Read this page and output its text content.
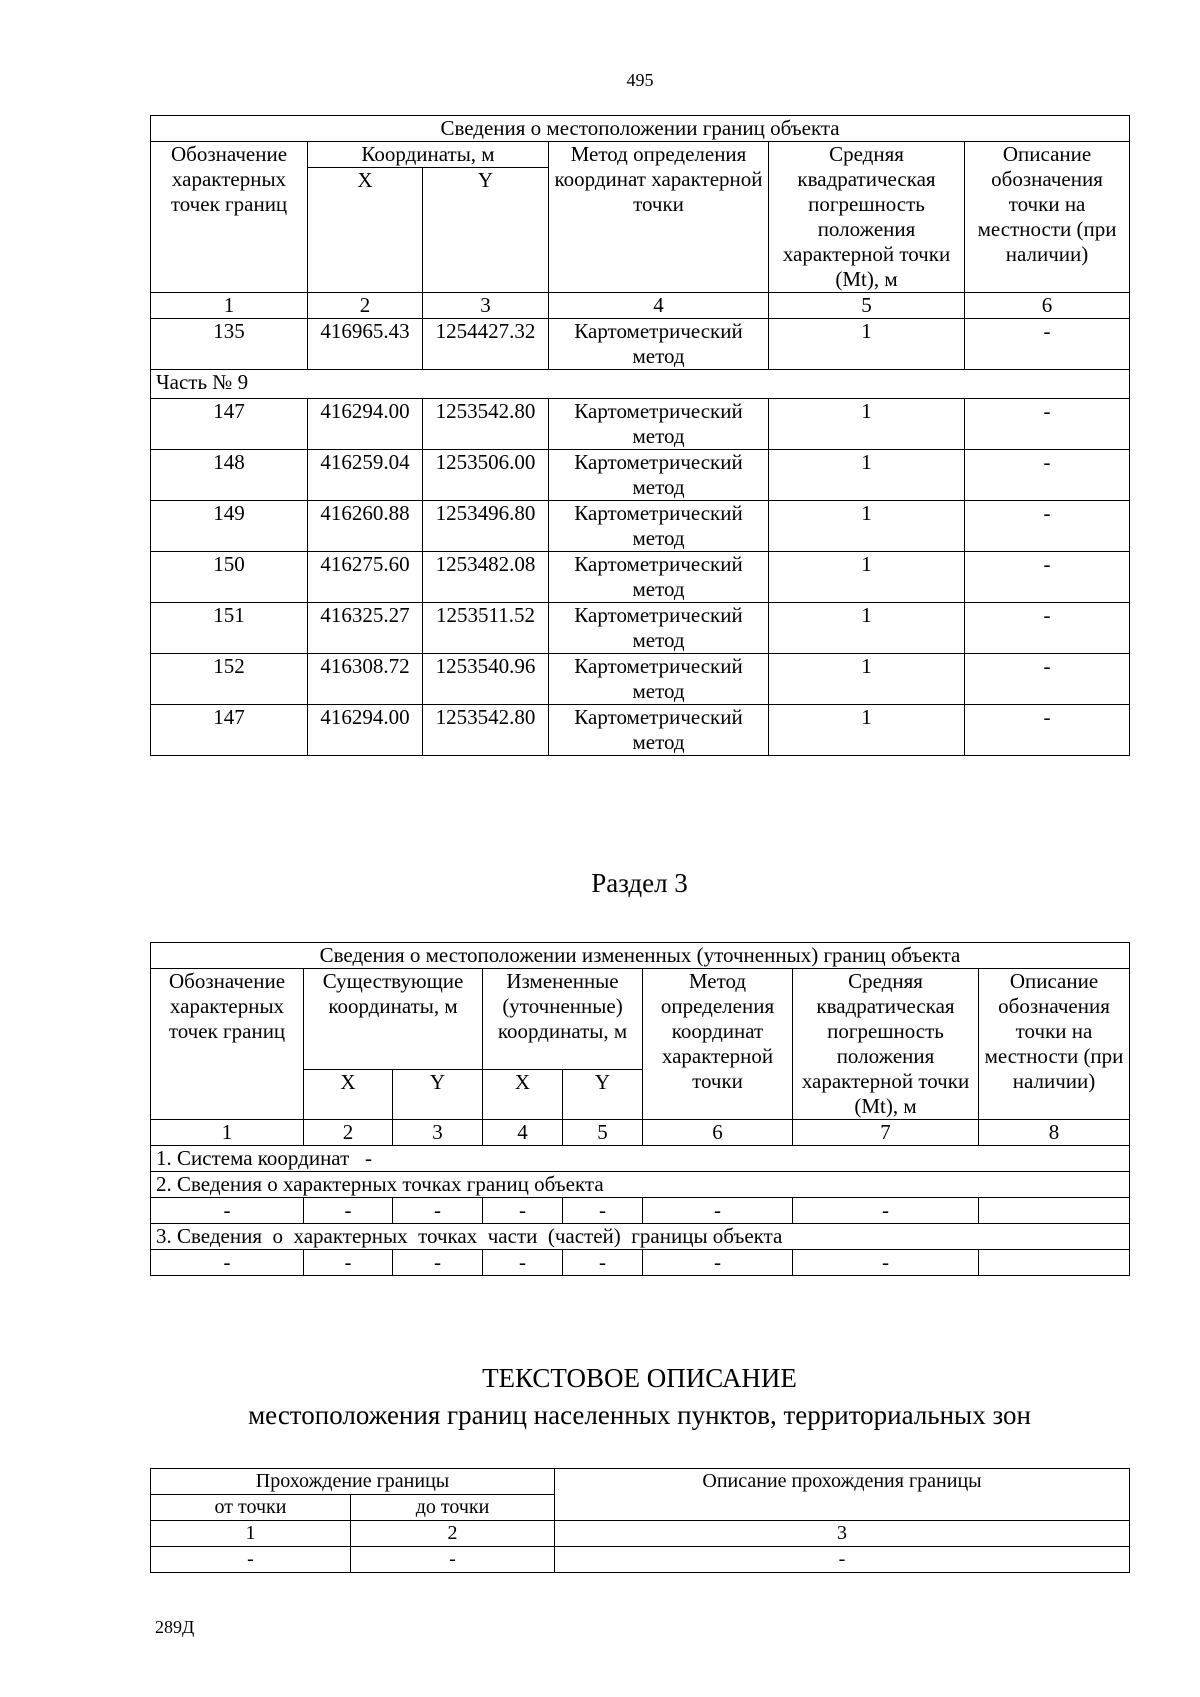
495
Сведения о местоположении границ объекта					
Обозначение характерных точек границ	Координаты, м		Метод определения координат характерной точки	Средняя квадратическая погрешность положения характерной точки (Mt), м	Описание обозначения точки на местности (при наличии)
	X	Y			
1	2	3	4	5	6
135	416965.43	1254427.32	Картометрический метод	1	-
Часть № 9					
147	416294.00	1253542.80	Картометрический метод	1	-
148	416259.04	1253506.00	Картометрический метод	1	-
149	416260.88	1253496.80	Картометрический метод	1	-
150	416275.60	1253482.08	Картометрический метод	1	-
151	416325.27	1253511.52	Картометрический метод	1	-
152	416308.72	1253540.96	Картометрический метод	1	-
147	416294.00	1253542.80	Картометрический метод	1	-
Раздел 3
Сведения о местоположении измененных (уточненных) границ объекта							
Обозначение характерных точек границ	Существующие координаты, м		Измененные (уточненные) координаты, м		Метод определения координат характерной точки	Средняя квадратическая погрешность положения характерной точки (Mt), м	Описание обозначения точки на местности (при наличии)
	X	Y	X	Y			
1	2	3	4	5	6	7	8
1. Система координат   -							
2. Сведения о характерных точках границ объекта							
-	-	-	-	-	-	-	
3. Сведения  о  характерных  точках  части  (частей)  границы объекта							
-	-	-	-	-	-	-	
ТЕКСТОВОЕ ОПИСАНИЕ
местоположения границ населенных пунктов, территориальных зон
Прохождение границы		Описание прохождения границы
от точки	до точки	
1	2	3
-	-	-
289Д
